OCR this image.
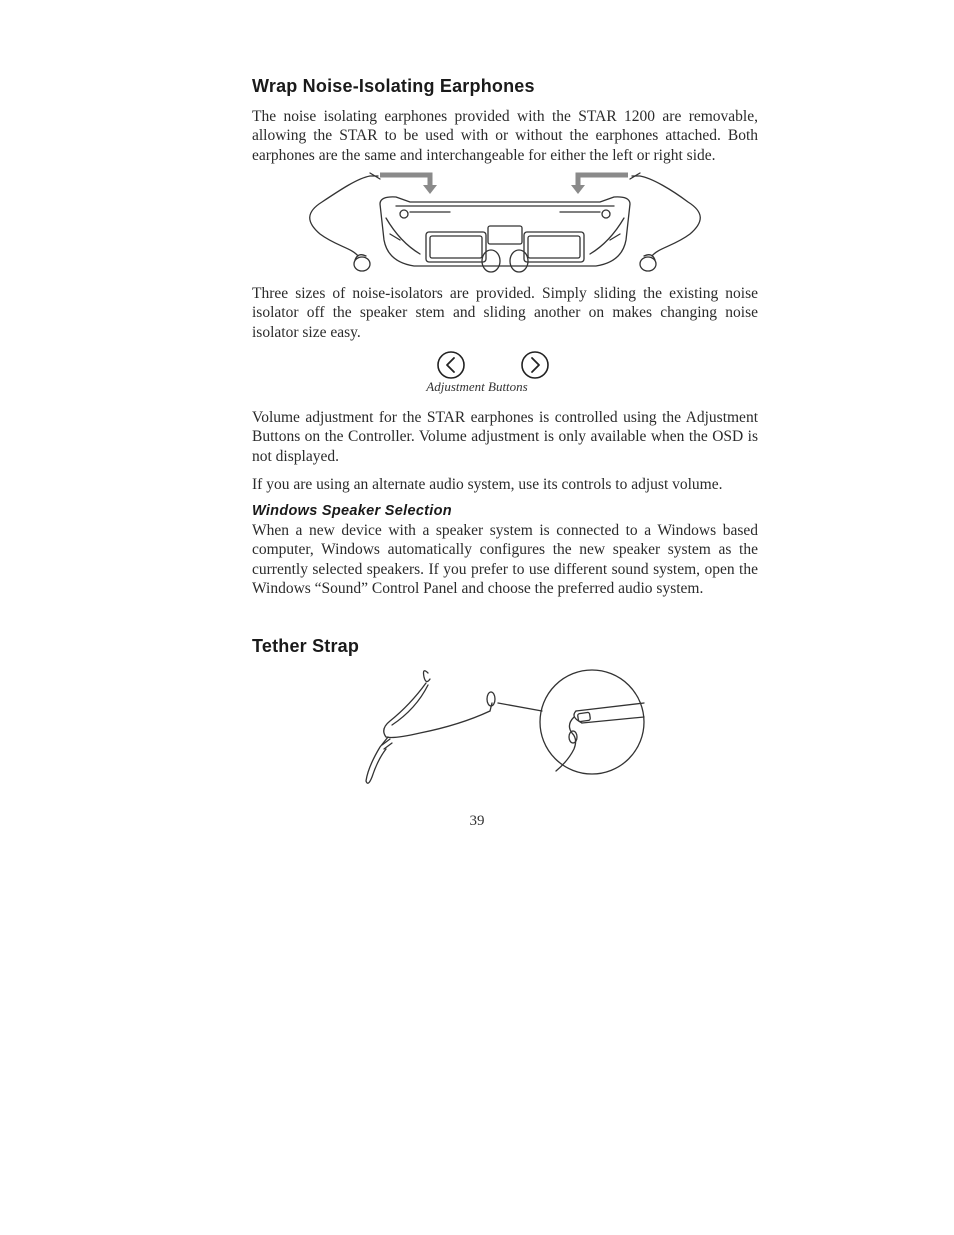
Wrap Noise-Isolating Earphones

The noise isolating earphones provided with the STAR 1200 are removable, allowing the STAR to be used with or without the earphones attached. Both earphones are the same and interchangeable for either the left or right side.

Three sizes of noise-isolators are provided. Simply sliding the existing noise isolator off the speaker stem and sliding another on makes changing noise isolator size easy.

Adjustment Buttons

Volume adjustment for the STAR earphones is controlled using the Adjustment Buttons on the Controller. Volume adjustment is only available when the OSD is not displayed.

If you are using an alternate audio system, use its controls to adjust volume.

Windows Speaker Selection

When a new device with a speaker system is connected to a Windows based computer, Windows automatically configures the new speaker system as the currently selected speakers. If you prefer to use different sound system, open the Windows “Sound” Control Panel and choose the preferred audio system.

Tether Strap
39
